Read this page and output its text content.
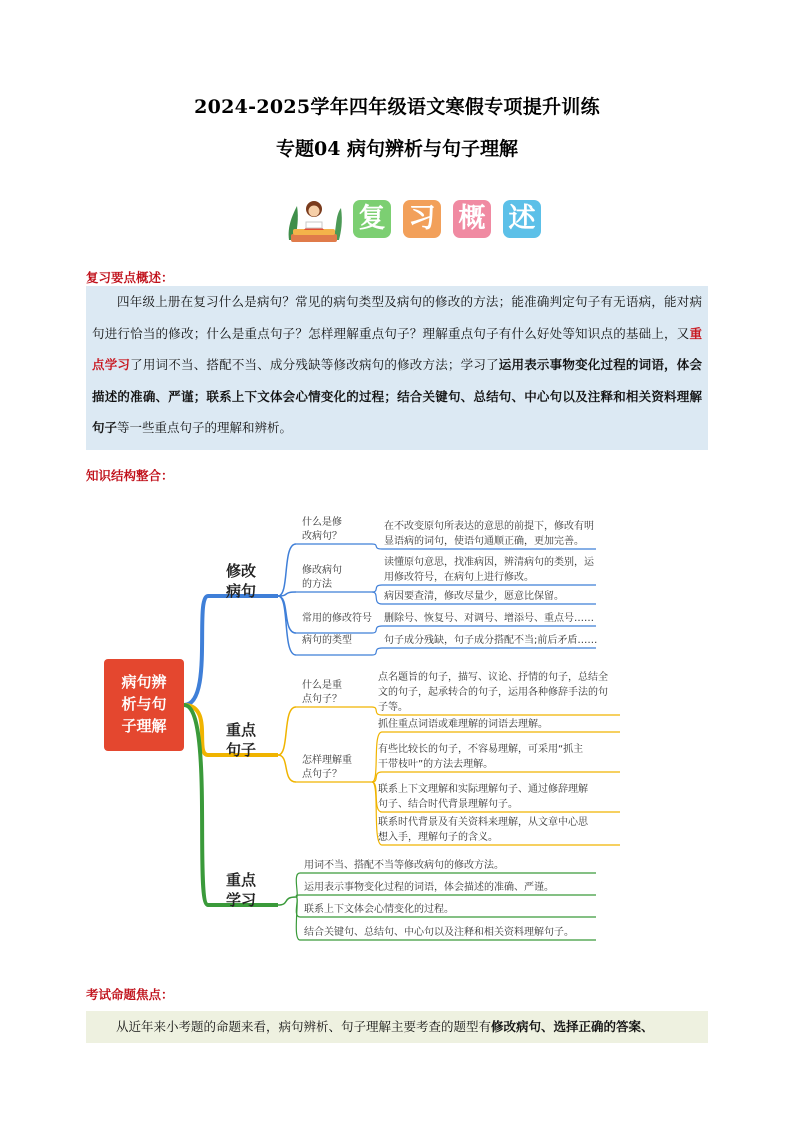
2024-2025学年四年级语文寒假专项提升训练
专题04 病句辨析与句子理解
复 习 概 述
复习要点概述：

四年级上册在复习什么是病句？常见的病句类型及病句的修改的方法；能准确判定句子有无语病，能对病句进行恰当的修改；什么是重点句子？怎样理解重点句子？理解重点句子有什么好处等知识点的基础上，又重点学习了用词不当、搭配不当、成分残缺等修改病句的修改方法；学习了运用表示事物变化过程的词语，体会描述的准确、严谨；联系上下文体会心情变化的过程；结合关键句、总结句、中心句以及注释和相关资料理解句子等一些重点句子的理解和辨析。

知识结构整合：
病句辨
析与句
子理解
修改
病句
什么是修
改病句？
在不改变原句所表达的意思的前提下，修改有明
显语病的词句，使语句通顺正确，更加完善。
修改病句
的方法
读懂原句意思，找准病因，辨清病句的类别，运
用修改符号，在病句上进行修改。
病因要查清，修改尽量少，愿意比保留。
常用的修改符号 删除号、恢复号、对调号、增添号、重点号……
病句的类型	句子成分残缺，句子成分搭配不当;前后矛盾……
重点
句子
什么是重
点句子？
点名题旨的句子，描写、议论、抒情的句子，总结全
文的句子，起承转合的句子，运用各种修辞手法的句
子等。
怎样理解重
点句子？
抓住重点词语或难理解的词语去理解。
有些比较长的句子，不容易理解，可采用“抓主
干带枝叶”的方法去理解。
联系上下文理解和实际理解句子、通过修辞理解
句子、结合时代背景理解句子。
联系时代背景及有关资料来理解，从文章中心思
想入手，理解句子的含义。
重点
学习
用词不当、搭配不当等修改病句的修改方法。
运用表示事物变化过程的词语，体会描述的准确、严谨。
联系上下文体会心情变化的过程。
结合关键句、总结句、中心句以及注释和相关资料理解句子。
考试命题焦点：

从近年来小考题的命题来看，病句辨析、句子理解主要考查的题型有修改病句、选择正确的答案、
